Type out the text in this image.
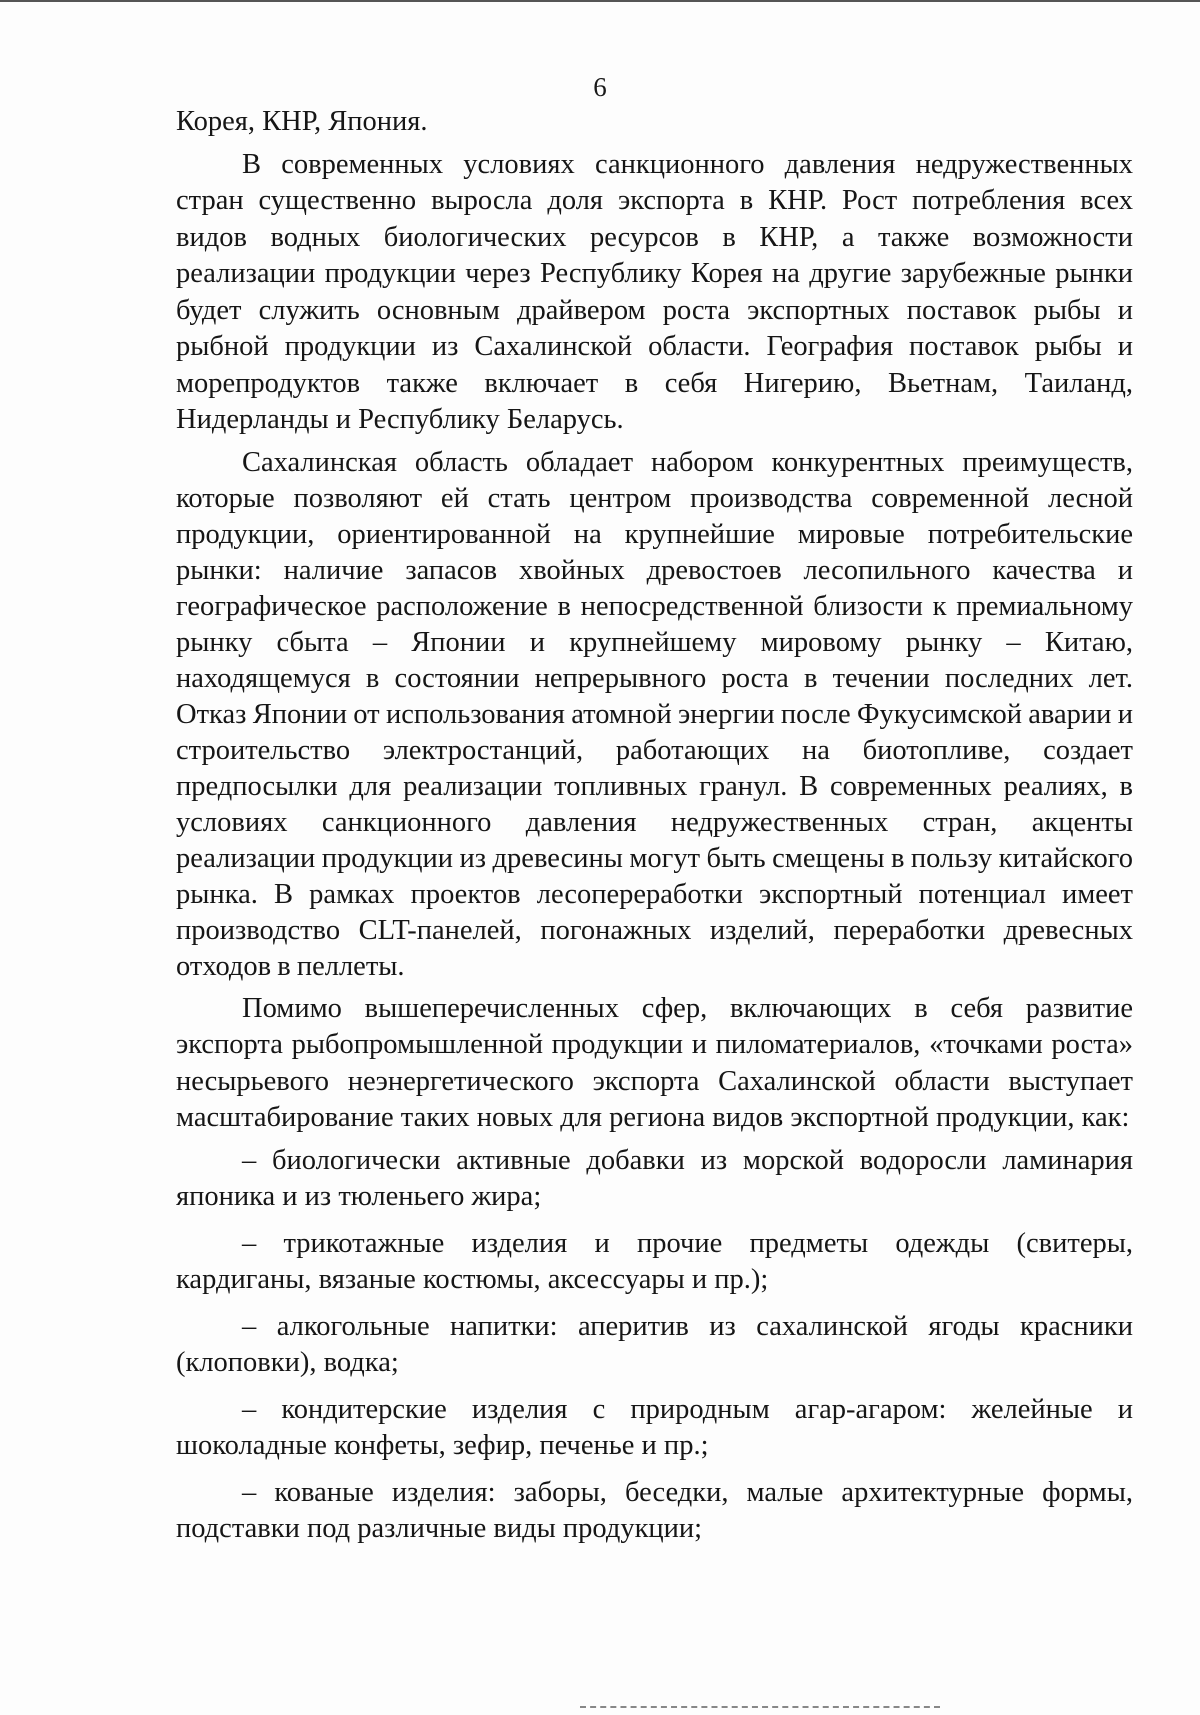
6

Корея, КНР, Япония.

В современных условиях санкционного давления недружественных стран существенно выросла доля экспорта в КНР. Рост потребления всех видов водных биологических ресурсов в КНР, а также возможности реализации продукции через Республику Корея на другие зарубежные рынки будет служить основным драйвером роста экспортных поставок рыбы и рыбной продукции из Сахалинской области. География поставок рыбы и морепродуктов также включает в себя Нигерию, Вьетнам, Таиланд, Нидерланды и Республику Беларусь.

Сахалинская область обладает набором конкурентных преимуществ, которые позволяют ей стать центром производства современной лесной продукции, ориентированной на крупнейшие мировые потребительские рынки: наличие запасов хвойных древостоев лесопильного качества и географическое расположение в непосредственной близости к премиальному рынку сбыта – Японии и крупнейшему мировому рынку – Китаю, находящемуся в состоянии непрерывного роста в течении последних лет. Отказ Японии от использования атомной энергии после Фукусимской аварии и строительство электростанций, работающих на биотопливе, создает предпосылки для реализации топливных гранул. В современных реалиях, в условиях санкционного давления недружественных стран, акценты реализации продукции из древесины могут быть смещены в пользу китайского рынка. В рамках проектов лесопереработки экспортный потенциал имеет производство CLT-панелей, погонажных изделий, переработки древесных отходов в пеллеты.

Помимо вышеперечисленных сфер, включающих в себя развитие экспорта рыбопромышленной продукции и пиломатериалов, «точками роста» несырьевого неэнергетического экспорта Сахалинской области выступает масштабирование таких новых для региона видов экспортной продукции, как:

– биологически активные добавки из морской водоросли ламинария японика и из тюленьего жира;

– трикотажные изделия и прочие предметы одежды (свитеры, кардиганы, вязаные костюмы, аксессуары и пр.);

– алкогольные напитки: аперитив из сахалинской ягоды красники (клоповки), водка;

– кондитерские изделия с природным агар-агаром: желейные и шоколадные конфеты, зефир, печенье и пр.;

– кованые изделия: заборы, беседки, малые архитектурные формы, подставки под различные виды продукции;
